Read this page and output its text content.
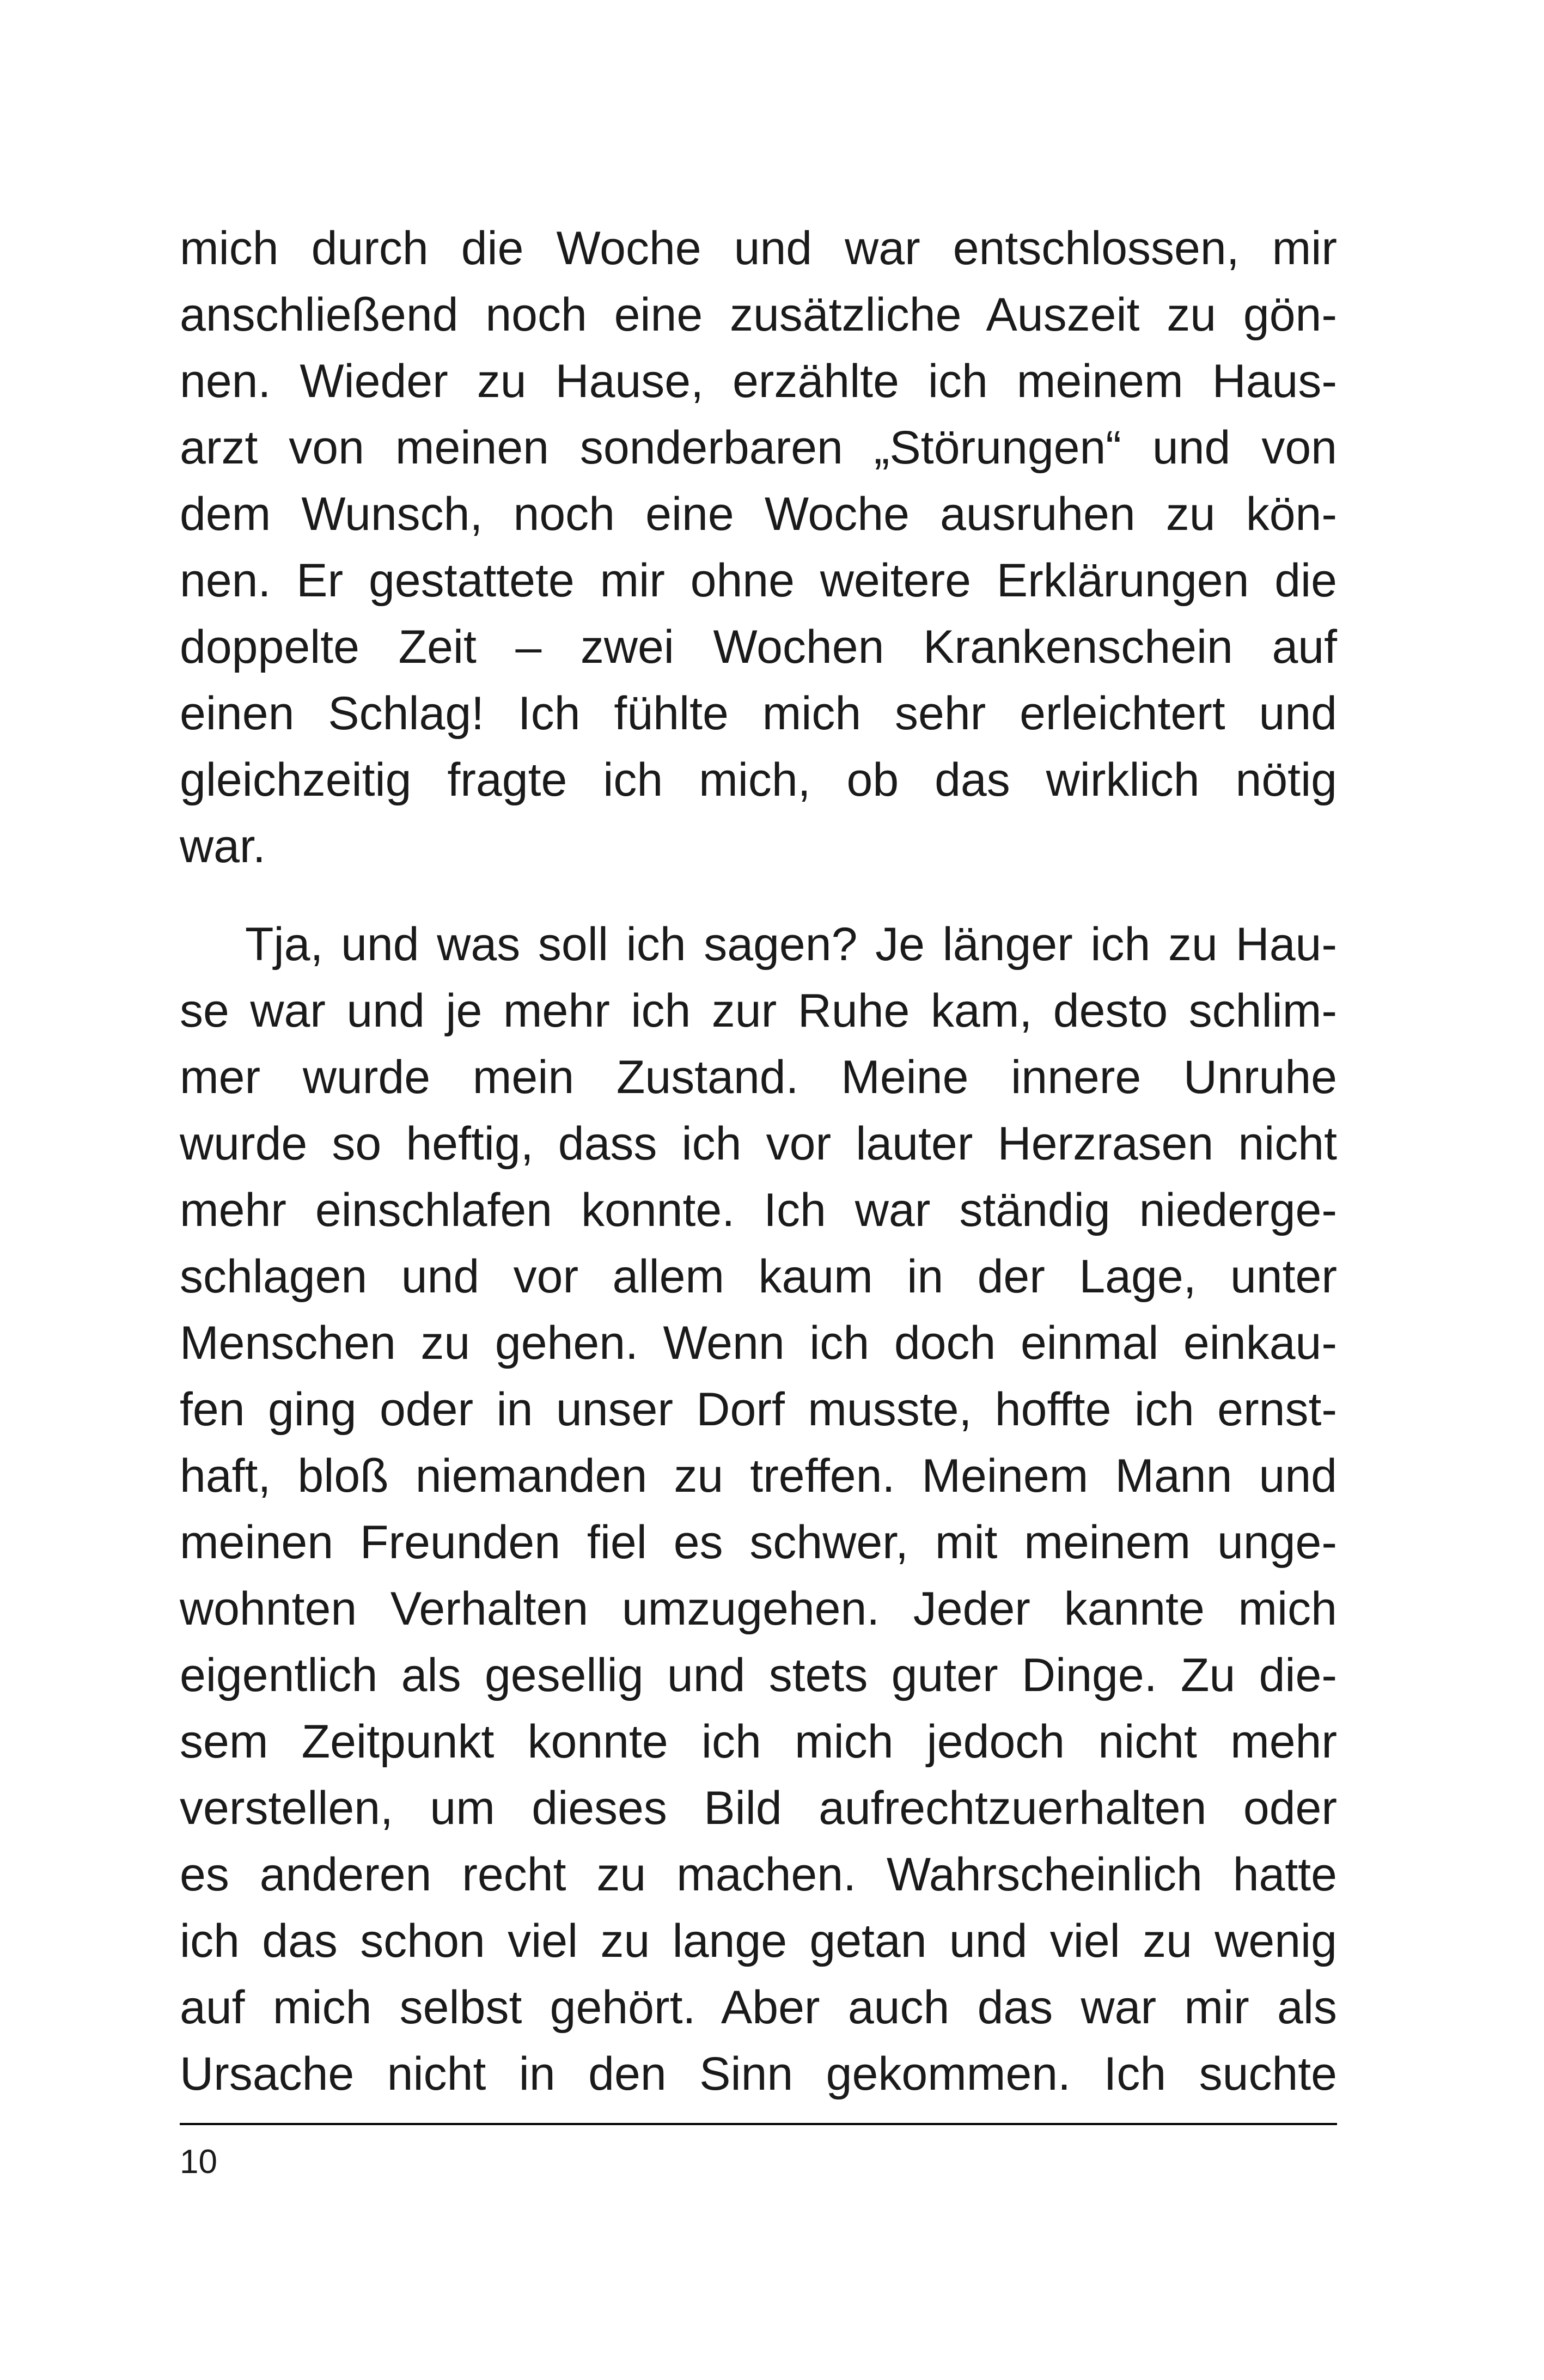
mich durch die Woche und war entschlossen, mir
anschließend noch eine zusätzliche Auszeit zu gön-
nen. Wieder zu Hause, erzählte ich meinem Haus-
arzt von meinen sonderbaren „Störungen“ und von
dem Wunsch, noch eine Woche ausruhen zu kön-
nen. Er gestattete mir ohne weitere Erklärungen die
doppelte Zeit – zwei Wochen Krankenschein auf
einen Schlag! Ich fühlte mich sehr erleichtert und
gleichzeitig fragte ich mich, ob das wirklich nötig
war.
Tja, und was soll ich sagen? Je länger ich zu Hau-
se war und je mehr ich zur Ruhe kam, desto schlim-
mer wurde mein Zustand. Meine innere Unruhe
wurde so heftig, dass ich vor lauter Herzrasen nicht
mehr einschlafen konnte. Ich war ständig niederge-
schlagen und vor allem kaum in der Lage, unter
Menschen zu gehen. Wenn ich doch einmal einkau-
fen ging oder in unser Dorf musste, hoffte ich ernst-
haft, bloß niemanden zu treffen. Meinem Mann und
meinen Freunden fiel es schwer, mit meinem unge-
wohnten Verhalten umzugehen. Jeder kannte mich
eigentlich als gesellig und stets guter Dinge. Zu die-
sem Zeitpunkt konnte ich mich jedoch nicht mehr
verstellen, um dieses Bild aufrechtzuerhalten oder
es anderen recht zu machen. Wahrscheinlich hatte
ich das schon viel zu lange getan und viel zu wenig
auf mich selbst gehört. Aber auch das war mir als
Ursache nicht in den Sinn gekommen. Ich suchte
10
